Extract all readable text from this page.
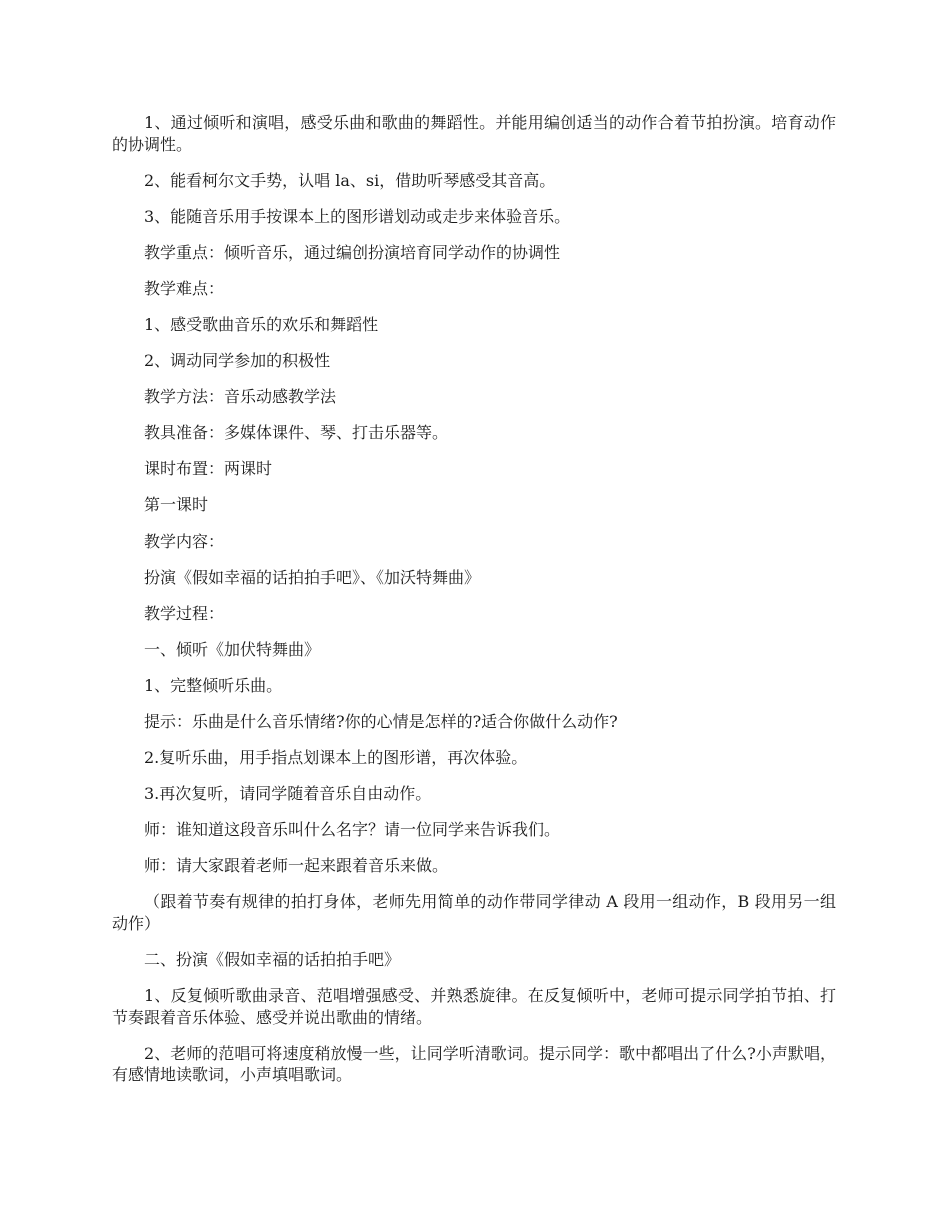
1、通过倾听和演唱，感受乐曲和歌曲的舞蹈性。并能用编创适当的动作合着节拍扮演。培育动作的协调性。

2、能看柯尔文手势，认唱 la、si，借助听琴感受其音高。

3、能随音乐用手按课本上的图形谱划动或走步来体验音乐。

教学重点：倾听音乐，通过编创扮演培育同学动作的协调性

教学难点：

1、感受歌曲音乐的欢乐和舞蹈性

2、调动同学参加的积极性

教学方法：音乐动感教学法

教具准备：多媒体课件、琴、打击乐器等。

课时布置：两课时

第一课时

教学内容：

扮演《假如幸福的话拍拍手吧》、《加沃特舞曲》

教学过程：

一、倾听《加伏特舞曲》

1、完整倾听乐曲。

提示：乐曲是什么音乐情绪?你的心情是怎样的?适合你做什么动作?

2.复听乐曲，用手指点划课本上的图形谱，再次体验。

3.再次复听，请同学随着音乐自由动作。

师：谁知道这段音乐叫什么名字？请一位同学来告诉我们。

师：请大家跟着老师一起来跟着音乐来做。

（跟着节奏有规律的拍打身体，老师先用简单的动作带同学律动 A 段用一组动作，B 段用另一组动作）

二、扮演《假如幸福的话拍拍手吧》

1、反复倾听歌曲录音、范唱增强感受、并熟悉旋律。在反复倾听中，老师可提示同学拍节拍、打节奏跟着音乐体验、感受并说出歌曲的情绪。

2、老师的范唱可将速度稍放慢一些，让同学听清歌词。提示同学：歌中都唱出了什么?小声默唱，有感情地读歌词，小声填唱歌词。
